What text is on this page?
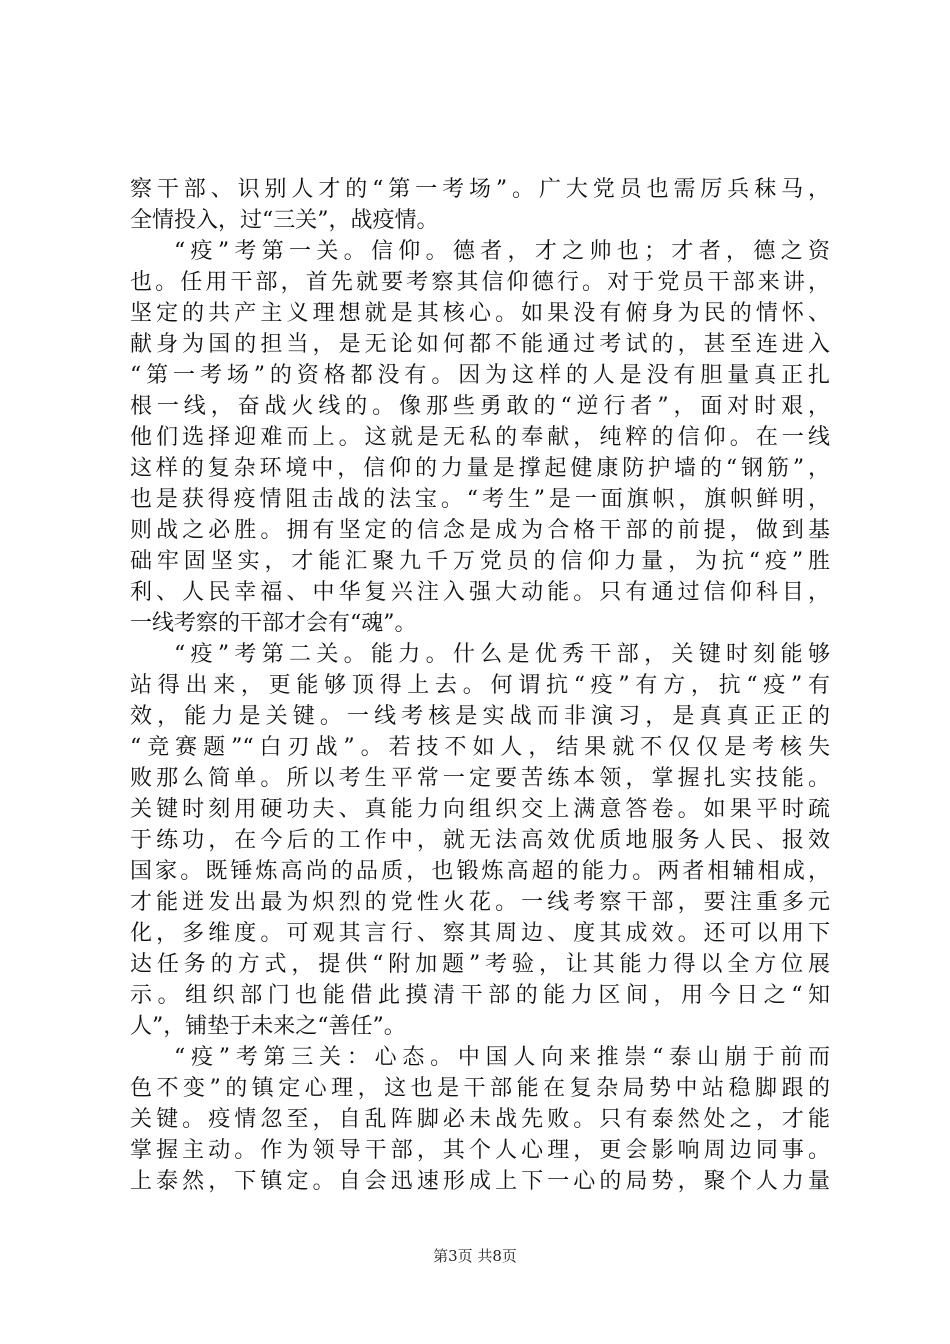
察干部、识别人才的“第一考场”。广大党员也需厉兵秣马，
全情投入，过“三关”，战疫情。
“疫”考第一关。信仰。德者，才之帅也；才者，德之资
也。任用干部，首先就要考察其信仰德行。对于党员干部来讲，
坚定的共产主义理想就是其核心。如果没有俯身为民的情怀、
献身为国的担当，是无论如何都不能通过考试的，甚至连进入
“第一考场”的资格都没有。因为这样的人是没有胆量真正扎
根一线，奋战火线的。像那些勇敢的“逆行者”，面对时艰，
他们选择迎难而上。这就是无私的奉献，纯粹的信仰。在一线
这样的复杂环境中，信仰的力量是撑起健康防护墙的“钢筋”，
也是获得疫情阻击战的法宝。“考生”是一面旗帜，旗帜鲜明，
则战之必胜。拥有坚定的信念是成为合格干部的前提，做到基
础牢固坚实，才能汇聚九千万党员的信仰力量，为抗“疫”胜
利、人民幸福、中华复兴注入强大动能。只有通过信仰科目，
一线考察的干部才会有“魂”。
“疫”考第二关。能力。什么是优秀干部，关键时刻能够
站得出来，更能够顶得上去。何谓抗“疫”有方，抗“疫”有
效，能力是关键。一线考核是实战而非演习，是真真正正的
“竞赛题”“白刃战”。若技不如人，结果就不仅仅是考核失
败那么简单。所以考生平常一定要苦练本领，掌握扎实技能。
关键时刻用硬功夫、真能力向组织交上满意答卷。如果平时疏
于练功，在今后的工作中，就无法高效优质地服务人民、报效
国家。既锤炼高尚的品质，也锻炼高超的能力。两者相辅相成，
才能迸发出最为炽烈的党性火花。一线考察干部，要注重多元
化，多维度。可观其言行、察其周边、度其成效。还可以用下
达任务的方式，提供“附加题”考验，让其能力得以全方位展
示。组织部门也能借此摸清干部的能力区间，用今日之“知
人”，铺垫于未来之“善任”。
“疫”考第三关：心态。中国人向来推崇“泰山崩于前而
色不变”的镇定心理，这也是干部能在复杂局势中站稳脚跟的
关键。疫情忽至，自乱阵脚必未战先败。只有泰然处之，才能
掌握主动。作为领导干部，其个人心理，更会影响周边同事。
上泰然，下镇定。自会迅速形成上下一心的局势，聚个人力量
第3页 共8页
